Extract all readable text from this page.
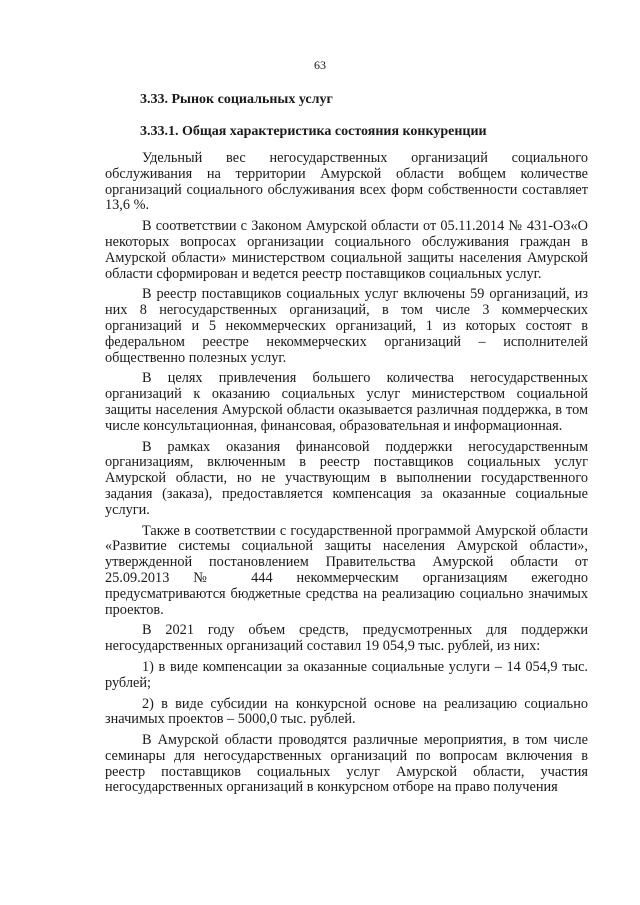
63
3.33. Рынок социальных услуг
3.33.1. Общая характеристика состояния конкуренции

Удельный вес негосударственных организаций социального обслуживания на территории Амурской области вобщем количестве организаций социального обслуживания всех форм собственности составляет 13,6 %.

В соответствии с Законом Амурской области от 05.11.2014 № 431-ОЗ«О некоторых вопросах организации социального обслуживания граждан в Амурской области» министерством социальной защиты населения Амурской области сформирован и ведется реестр поставщиков социальных услуг.

В реестр поставщиков социальных услуг включены 59 организаций, из них 8 негосударственных организаций, в том числе 3 коммерческих организаций и 5 некоммерческих организаций, 1 из которых состоят в федеральном реестре некоммерческих организаций – исполнителей общественно полезных услуг.

В целях привлечения большего количества негосударственных организаций к оказанию социальных услуг министерством социальной защиты населения Амурской области оказывается различная поддержка, в том числе консультационная, финансовая, образовательная и информационная.

В рамках оказания финансовой поддержки негосударственным организациям, включенным в реестр поставщиков социальных услуг Амурской области, но не участвующим в выполнении государственного задания (заказа), предоставляется компенсация за оказанные социальные услуги.

Также в соответствии с государственной программой Амурской области «Развитие системы социальной защиты населения Амурской области», утвержденной постановлением Правительства Амурской области от 25.09.2013 № 444 некоммерческим организациям ежегодно предусматриваются бюджетные средства на реализацию социально значимых проектов.

В 2021 году объем средств, предусмотренных для поддержки негосударственных организаций составил 19 054,9 тыс. рублей, из них:

1) в виде компенсации за оказанные социальные услуги – 14 054,9 тыс. рублей;

2) в виде субсидии на конкурсной основе на реализацию социально значимых проектов – 5000,0 тыс. рублей.

В Амурской области проводятся различные мероприятия, в том числе семинары для негосударственных организаций по вопросам включения в реестр поставщиков социальных услуг Амурской области, участия негосударственных организаций в конкурсном отборе на право получения
